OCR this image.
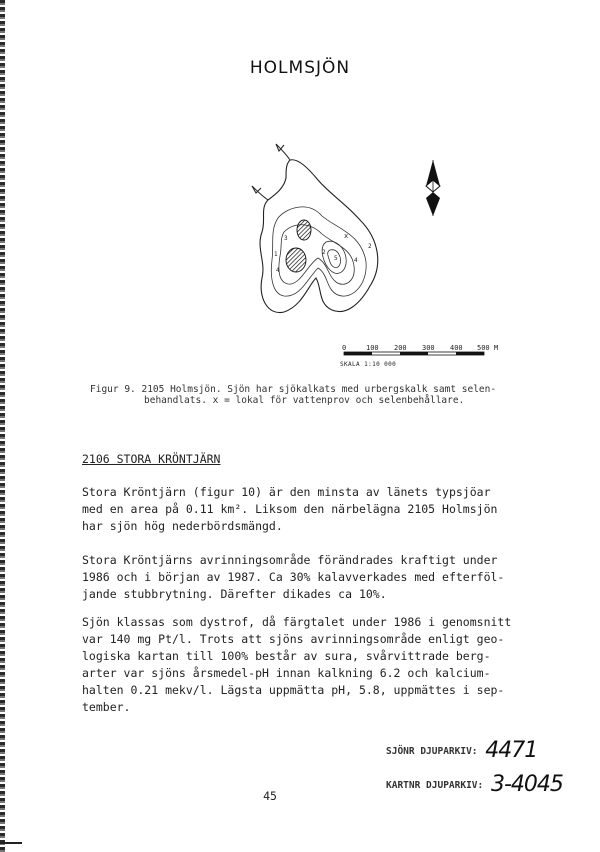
HOLMSJÖN
x
1
2
3
4
5	4
2
0	100 200 300 400 500 M
SKALA 1:10 000
Figur 9. 2105 Holmsjön. Sjön har sjökalkats med urbergskalk samt selen-
behandlats. x = lokal för vattenprov och selenbehållare.
2106 STORA KRÖNTJÄRN
Stora Kröntjärn (figur 10) är den minsta av länets typsjöar
med en area på 0.11 km². Liksom den närbelägna 2105 Holmsjön
har sjön hög nederbördsmängd.
Stora Kröntjärns avrinningsområde förändrades kraftigt under
1986 och i början av 1987. Ca 30% kalavverkades med efterföl-
jande stubbrytning. Därefter dikades ca 10%.
Sjön klassas som dystrof, då färgtalet under 1986 i genomsnitt
var 140 mg Pt/l. Trots att sjöns avrinningsområde enligt geo-
logiska kartan till 100% består av sura, svårvittrade berg-
arter var sjöns årsmedel-pH innan kalkning 6.2 och kalcium-
halten 0.21 mekv/l. Lägsta uppmätta pH, 5.8, uppmättes i sep-
tember.
SJÖNR DJUPARKIV: 4471
KARTNR DJUPARKIV: 3-4045
45
